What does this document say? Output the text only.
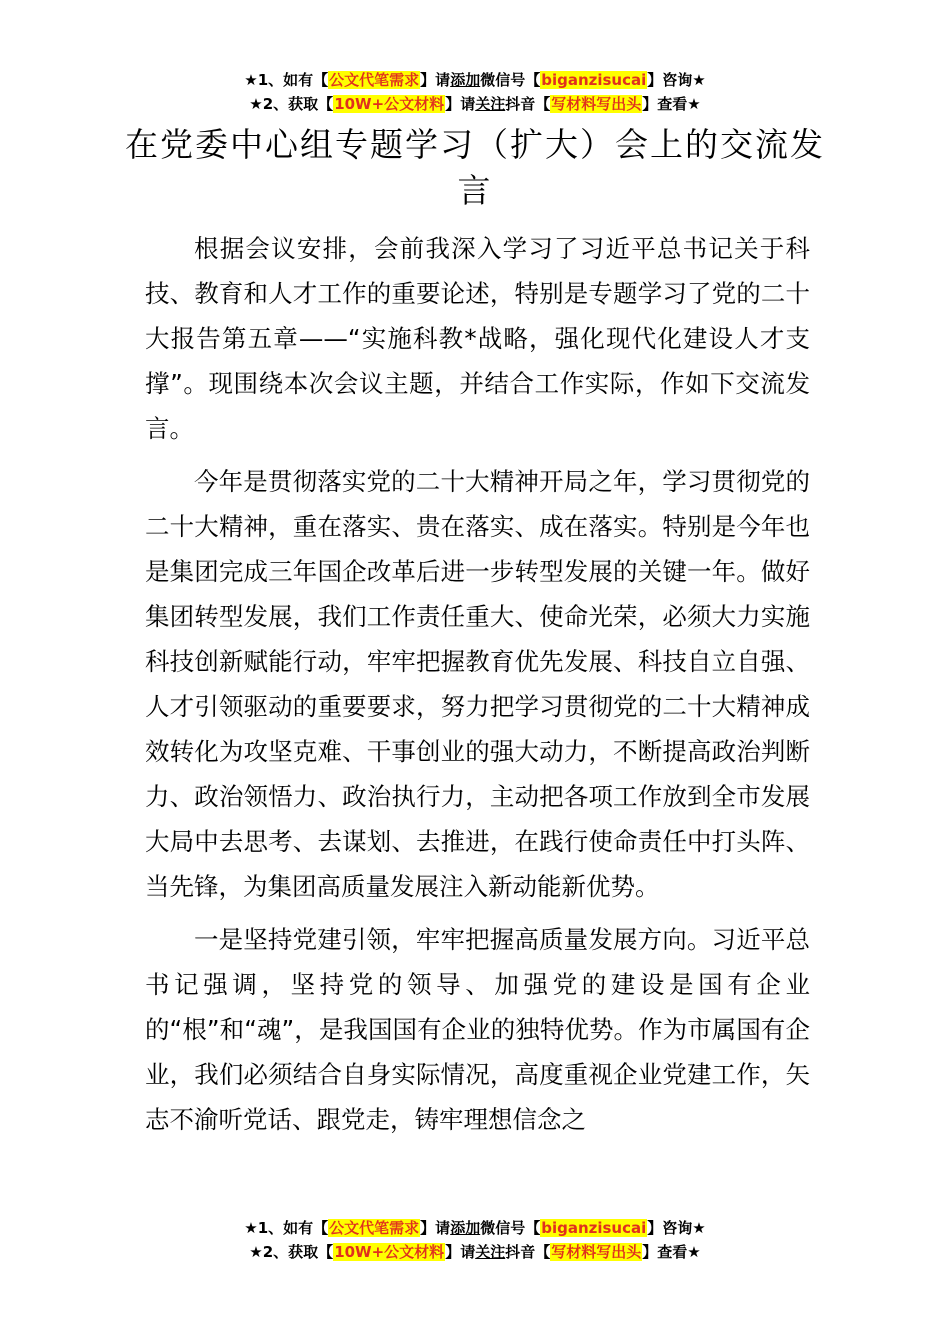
★1、如有【公文代笔需求】请添加微信号【biganzisucai】咨询★
★2、获取【10W+公文材料】请关注抖音【写材料写出头】查看★
在党委中心组专题学习（扩大）会上的交流发言

根据会议安排，会前我深入学习了习近平总书记关于科技、教育和人才工作的重要论述，特别是专题学习了党的二十大报告第五章——“实施科教*战略，强化现代化建设人才支撑”。现围绕本次会议主题，并结合工作实际，作如下交流发言。

今年是贯彻落实党的二十大精神开局之年，学习贯彻党的二十大精神，重在落实、贵在落实、成在落实。特别是今年也是集团完成三年国企改革后进一步转型发展的关键一年。做好集团转型发展，我们工作责任重大、使命光荣，必须大力实施科技创新赋能行动，牢牢把握教育优先发展、科技自立自强、人才引领驱动的重要要求，努力把学习贯彻党的二十大精神成效转化为攻坚克难、干事创业的强大动力，不断提高政治判断力、政治领悟力、政治执行力，主动把各项工作放到全市发展大局中去思考、去谋划、去推进，在践行使命责任中打头阵、当先锋，为集团高质量发展注入新动能新优势。

一是坚持党建引领，牢牢把握高质量发展方向。习近平总书记强调，坚持党的领导、加强党的建设是国有企业的“根”和“魂”，是我国国有企业的独特优势。作为市属国有企业，我们必须结合自身实际情况，高度重视企业党建工作，矢志不渝听党话、跟党走，铸牢理想信念之

★1、如有【公文代笔需求】请添加微信号【biganzisucai】咨询★
★2、获取【10W+公文材料】请关注抖音【写材料写出头】查看★
